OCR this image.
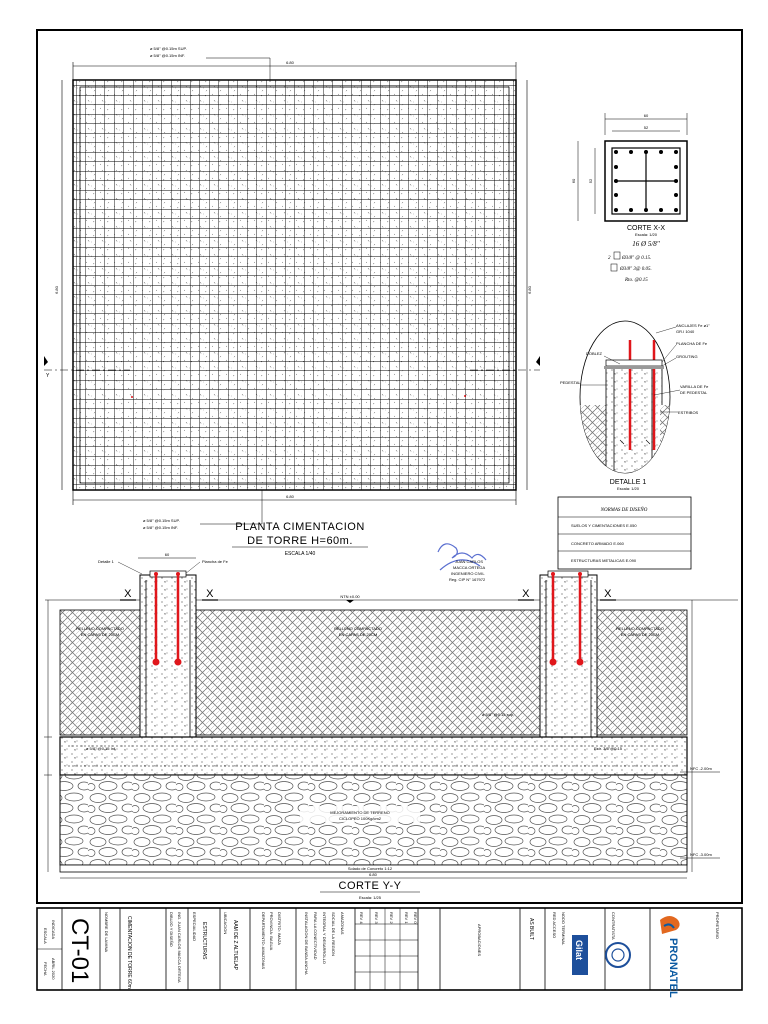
6.80
ø 5/8" @0.15m SUP.
ø 5/8" @0.15m INF.
6.80	6.80
Y
6.80
ø 5/8" @0.15m SUP.
ø 5/8" @0.15m INF.	PLANTA CIMENTACION
DE TORRE H=60m.
ESCALA 1/40
60
52
60	52
CORTE X-X
Escala: 1/20
16 Ø 5/8"
2 Ø3/8" @ 0.15.
Ø3/8" 3@ 0.05.
Rto. @0.15
ANCLAJES Fe ø1"
GR.I 1040
PLANCHA DE Fe
DOBLEZ
GROUTING
PEDESTAL
VARILLA DE Fe
DE PEDESTAL
ESTRIBOS
DETALLE 1
Escala: 1/20
NORMAS DE DISEÑO
SUELOS Y CIMENTACIONES E.050
CONCRETO ARMADO E.060
ESTRUCTURAS METALICAS E.090
JUAN CARLOS
MACCA ORTEGA
INGENIERO CIVIL
Reg. CIP N° 167972
Detalle 1	Plancha de Fe
60
X	X	X	X
NTN ±0.00
RELLENO COMPACTADO
EN CAPAS DE 20CM
RELLENO COMPACTADO
EN CAPAS DE 20CM
RELLENO COMPACTADO
EN CAPAS DE 20CM
ø 5/8" @0.15 Inf.
ø 5/8" @0.15 sup.
Estr. 3/8"@0.15
MEJORAMIENTO DE TERRENO
CICLOPEO 100Kg/cm2
Solado de Concreto 1:12
NFC -2.00m
NFC -3.00m
6.80
CORTE Y-Y
Escala: 1/25
ESCALA INDICADA
FECHA ABRIL 2020 CT-01	NOMBRE DE LAMINA	CIMENTACION DE TORRE 60m	DIBUJO Y DISEÑO ING. JUAN CARLOS MACCA ORTEGA	ESPECIALIDAD ESTRUCTURAS	UBICACION AAM DE Z ALTUELAP	DEPARTAMENTO: AMAZONAS PROVINCIA: BAGUA DISTRITO: IMAZA	INSTALACION DE BANDA ANCHA PARA LA CONECTIVIDAD INTEGRAL Y DESARROLLO SOCIAL DE LA REGION AMAZONAS	REV 4	REV 3	REV 2	REV 1 REV 0
APROBACIONES	AS BUILT	RED ACCESO NODO TERMINAL	CONTRATISTA	PROPIETARIO
Gilat	PRONATEL
